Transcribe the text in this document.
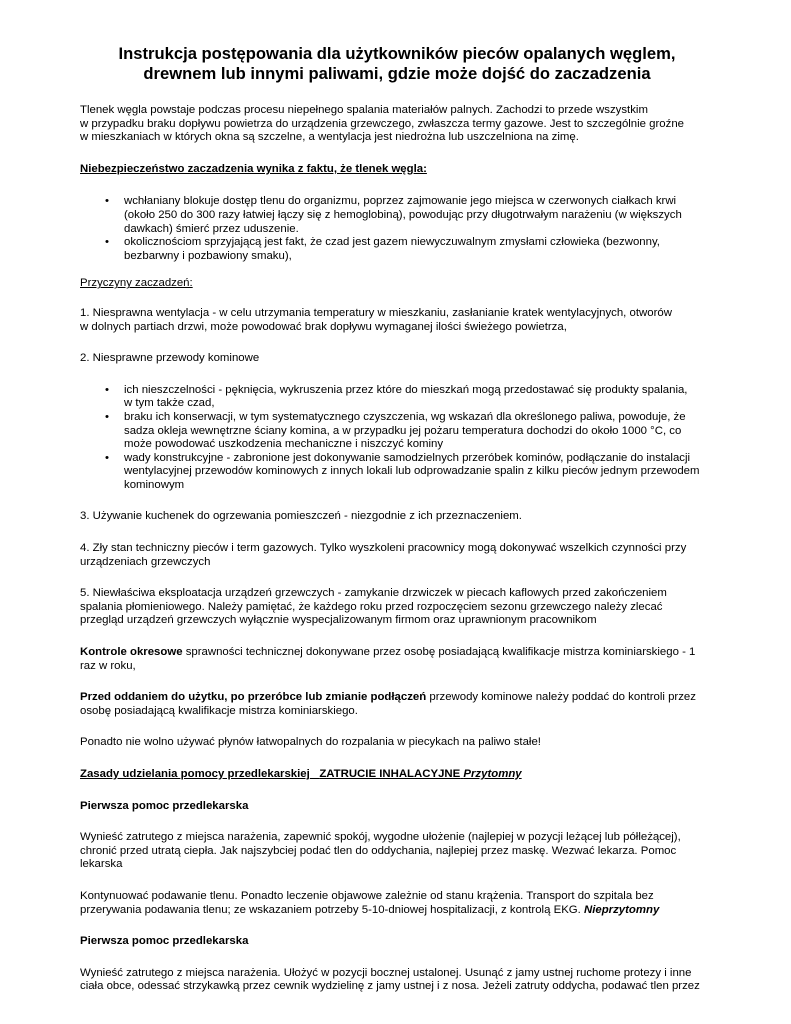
Instrukcja postępowania dla użytkowników pieców opalanych węglem,
drewnem lub innymi paliwami, gdzie może dojść do zaczadzenia

Tlenek węgla powstaje podczas procesu niepełnego spalania materiałów palnych. Zachodzi to przede wszystkim
w przypadku braku dopływu powietrza do urządzenia grzewczego, zwłaszcza termy gazowe. Jest to szczególnie groźne
w mieszkaniach w których okna są szczelne, a wentylacja jest niedrożna lub uszczelniona na zimę.

Niebezpieczeństwo zaczadzenia wynika z faktu, że tlenek węgla:

• wchłaniany blokuje dostęp tlenu do organizmu, poprzez zajmowanie jego miejsca w czerwonych ciałkach krwi
(około 250 do 300 razy łatwiej łączy się z hemoglobiną), powodując przy długotrwałym narażeniu (w większych
dawkach) śmierć przez uduszenie.
• okolicznościom sprzyjającą jest fakt, że czad jest gazem niewyczuwalnym zmysłami człowieka (bezwonny,
bezbarwny i pozbawiony smaku),

Przyczyny zaczadzeń:

1. Niesprawna wentylacja - w celu utrzymania temperatury w mieszkaniu, zasłanianie kratek wentylacyjnych, otworów
w dolnych partiach drzwi, może powodować brak dopływu wymaganej ilości świeżego powietrza,

2. Niesprawne przewody kominowe

• ich nieszczelności - pęknięcia, wykruszenia przez które do mieszkań mogą przedostawać się produkty spalania,
w tym także czad,
• braku ich konserwacji, w tym systematycznego czyszczenia, wg wskazań dla określonego paliwa, powoduje, że
sadza okleja wewnętrzne ściany komina, a w przypadku jej pożaru temperatura dochodzi do około 1000 °C, co
może powodować uszkodzenia mechaniczne i niszczyć kominy
• wady konstrukcyjne - zabronione jest dokonywanie samodzielnych przeróbek kominów, podłączanie do instalacji
wentylacyjnej przewodów kominowych z innych lokali lub odprowadzanie spalin z kilku pieców jednym przewodem
kominowym

3. Używanie kuchenek do ogrzewania pomieszczeń - niezgodnie z ich przeznaczeniem.

4. Zły stan techniczny pieców i term gazowych. Tylko wyszkoleni pracownicy mogą dokonywać wszelkich czynności przy
urządzeniach grzewczych

5. Niewłaściwa eksploatacja urządzeń grzewczych - zamykanie drzwiczek w piecach kaflowych przed zakończeniem
spalania płomieniowego. Należy pamiętać, że każdego roku przed rozpoczęciem sezonu grzewczego należy zlecać
przegląd urządzeń grzewczych wyłącznie wyspecjalizowanym firmom oraz uprawnionym pracownikom

Kontrole okresowe sprawności technicznej dokonywane przez osobę posiadającą kwalifikacje mistrza kominiarskiego - 1
raz w roku,

Przed oddaniem do użytku, po przeróbce lub zmianie podłączeń przewody kominowe należy poddać do kontroli przez
osobę posiadającą kwalifikacje mistrza kominiarskiego.

Ponadto nie wolno używać płynów łatwopalnych do rozpalania w piecykach na paliwo stałe!

Zasady udzielania pomocy przedlekarskiej ZATRUCIE INHALACYJNE Przytomny

Pierwsza pomoc przedlekarska

Wynieść zatrutego z miejsca narażenia, zapewnić spokój, wygodne ułożenie (najlepiej w pozycji leżącej lub półleżącej),
chronić przed utratą ciepła. Jak najszybciej podać tlen do oddychania, najlepiej przez maskę. Wezwać lekarza. Pomoc
lekarska

Kontynuować podawanie tlenu. Ponadto leczenie objawowe zależnie od stanu krążenia. Transport do szpitala bez
przerywania podawania tlenu; ze wskazaniem potrzeby 5-10-dniowej hospitalizacji, z kontrolą EKG. Nieprzytomny

Pierwsza pomoc przedlekarska

Wynieść zatrutego z miejsca narażenia. Ułożyć w pozycji bocznej ustalonej. Usunąć z jamy ustnej ruchome protezy i inne
ciała obce, odessać strzykawką przez cewnik wydzielinę z jamy ustnej i z nosa. Jeżeli zatruty oddycha, podawać tlen przez
